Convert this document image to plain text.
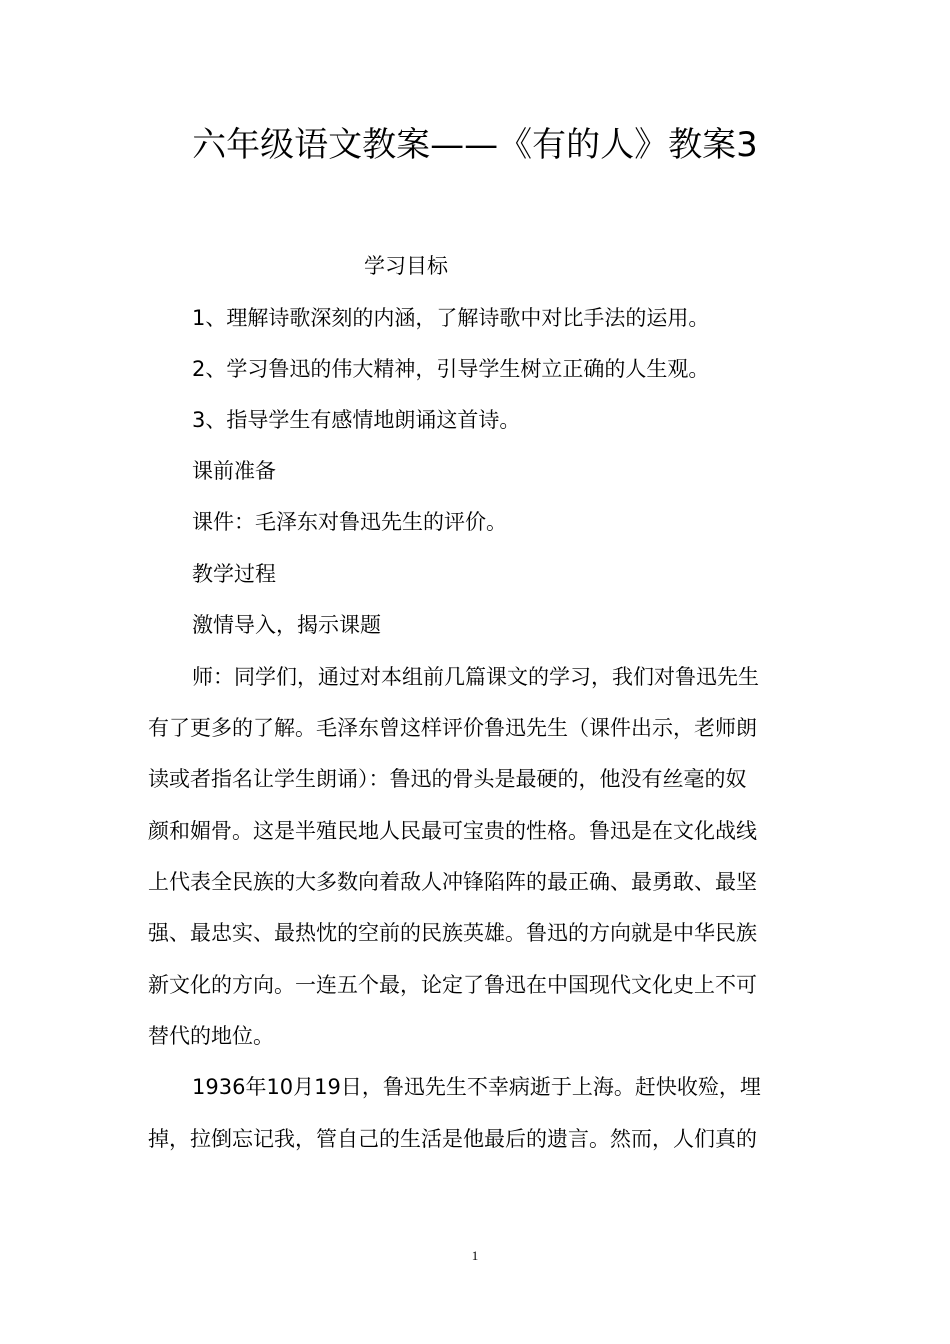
六年级语文教案——《有的人》教案3
学习目标
1、理解诗歌深刻的内涵，了解诗歌中对比手法的运用。
2、学习鲁迅的伟大精神，引导学生树立正确的人生观。
3、指导学生有感情地朗诵这首诗。
课前准备
课件：毛泽东对鲁迅先生的评价。
教学过程
激情导入，揭示课题
师：同学们，通过对本组前几篇课文的学习，我们对鲁迅先生
有了更多的了解。毛泽东曾这样评价鲁迅先生（课件出示，老师朗
读或者指名让学生朗诵）：鲁迅的骨头是最硬的，他没有丝毫的奴
颜和媚骨。这是半殖民地人民最可宝贵的性格。鲁迅是在文化战线
上代表全民族的大多数向着敌人冲锋陷阵的最正确、最勇敢、最坚
强、最忠实、最热忱的空前的民族英雄。鲁迅的方向就是中华民族
新文化的方向。一连五个最，论定了鲁迅在中国现代文化史上不可
替代的地位。
1936年10月19日，鲁迅先生不幸病逝于上海。赶快收殓，埋
掉，拉倒忘记我，管自己的生活是他最后的遗言。然而，人们真的
1
